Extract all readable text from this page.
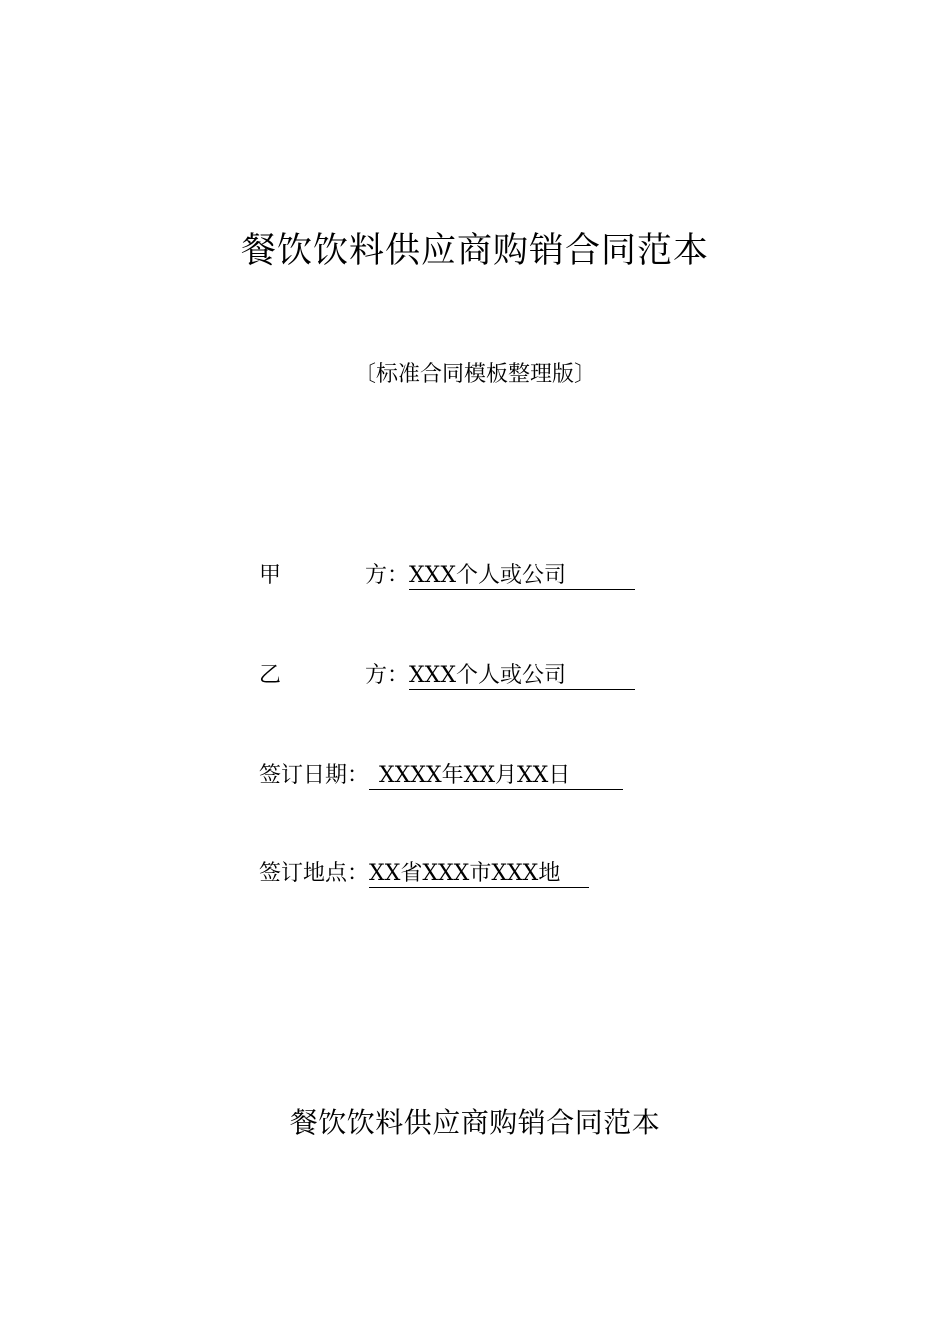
餐饮饮料供应商购销合同范本
〔标准合同模板整理版〕
甲	方 ：XXX个人或公司
乙	方 ：XXX个人或公司
签订日期： XXXX年XX月XX日
签订地点：XX省XXX市XXX地
餐饮饮料供应商购销合同范本
